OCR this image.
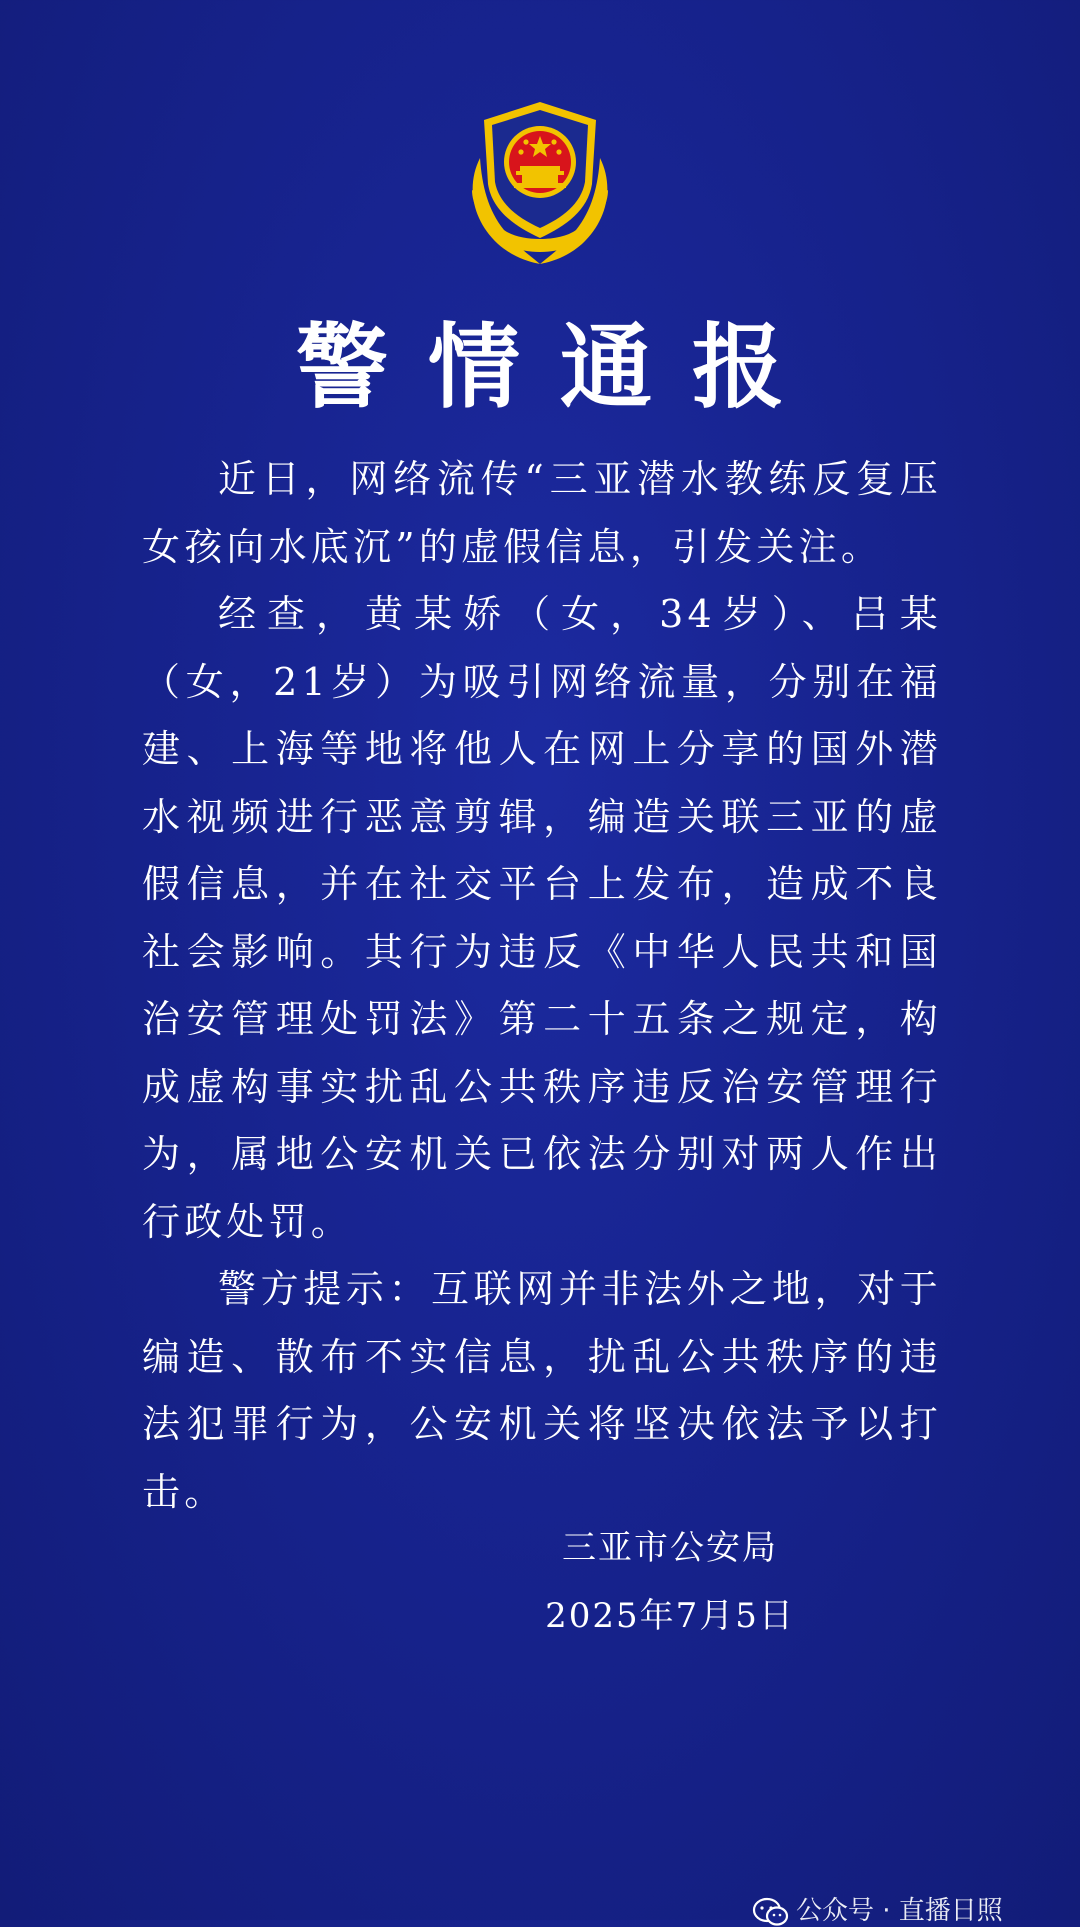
警情通报

近日，网络流传“三亚潜水教练反复压女孩向水底沉”的虚假信息，引发关注。

经查，黄某娇（女，34岁）、吕某（女，21岁）为吸引网络流量，分别在福建、上海等地将他人在网上分享的国外潜水视频进行恶意剪辑，编造关联三亚的虚假信息，并在社交平台上发布，造成不良社会影响。其行为违反《中华人民共和国治安管理处罚法》第二十五条之规定，构成虚构事实扰乱公共秩序违反治安管理行为，属地公安机关已依法分别对两人作出行政处罚。

警方提示：互联网并非法外之地，对于编造、散布不实信息，扰乱公共秩序的违法犯罪行为，公安机关将坚决依法予以打击。

三亚市公安局
2025年7月5日
公众号 · 直播日照
